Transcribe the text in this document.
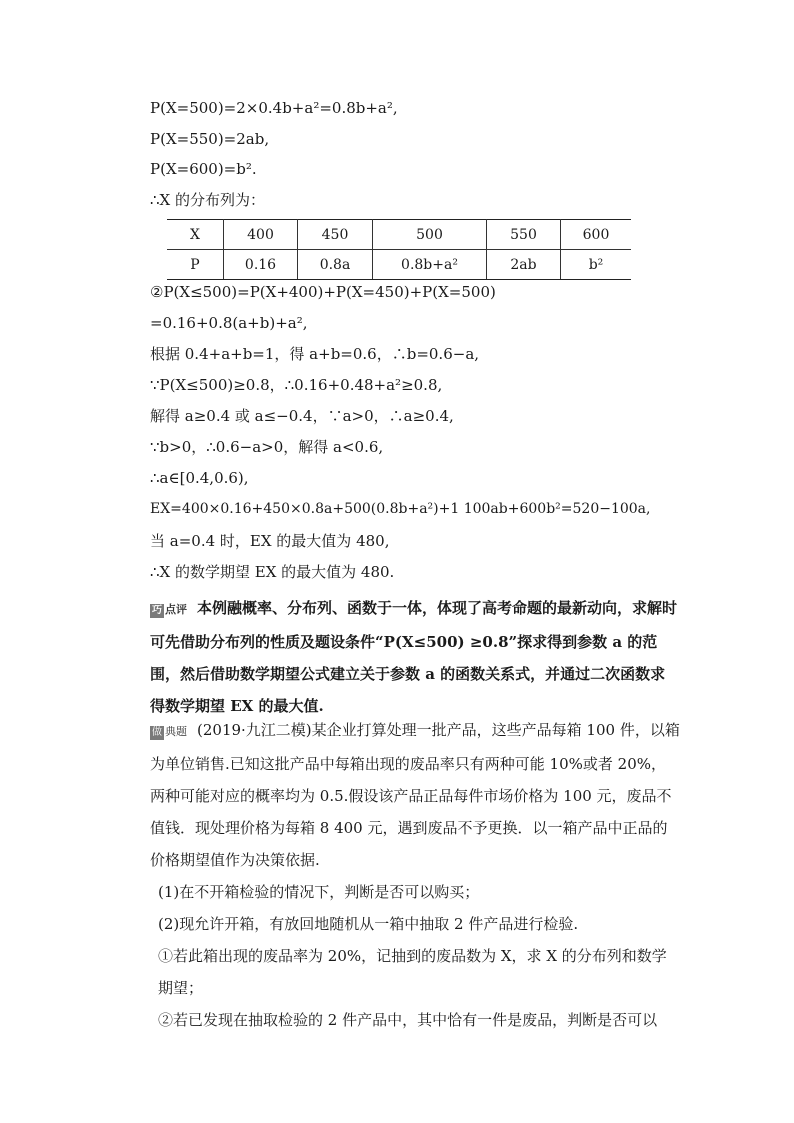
P(X=500)=2×0.4b+a²=0.8b+a²,
P(X=550)=2ab,
P(X=600)=b².
∴X 的分布列为：
X	400	450	500	550	600
P	0.16	0.8a	0.8b+a²	2ab	b²
②P(X≤500)=P(X+400)+P(X=450)+P(X=500)
=0.16+0.8(a+b)+a²,
根据 0.4+a+b=1，得 a+b=0.6，∴b=0.6−a,
∵P(X≤500)≥0.8，∴0.16+0.48+a²≥0.8,
解得 a≥0.4 或 a≤−0.4，∵a>0，∴a≥0.4,
∵b>0，∴0.6−a>0，解得 a<0.6,
∴a∈[0.4,0.6),
EX=400×0.16+450×0.8a+500(0.8b+a²)+1 100ab+600b²=520−100a,
当 a=0.4 时，EX 的最大值为 480,
∴X 的数学期望 EX 的最大值为 480.

巧 点评 本例融概率、分布列、函数于一体，体现了高考命题的最新动向，求解时可先借助分布列的性质及题设条件“P(X≤500) ≥0.8”探求得到参数 a 的范围，然后借助数学期望公式建立关于参数 a 的函数关系式，并通过二次函数求得数学期望 EX 的最大值.

做 典题 (2019·九江二模)某企业打算处理一批产品，这些产品每箱 100 件，以箱为单位销售.已知这批产品中每箱出现的废品率只有两种可能 10%或者 20%，两种可能对应的概率均为 0.5.假设该产品正品每件市场价格为 100 元，废品不值钱．现处理价格为每箱 8 400 元，遇到废品不予更换．以一箱产品中正品的价格期望值作为决策依据.

(1)在不开箱检验的情况下，判断是否可以购买；

(2)现允许开箱，有放回地随机从一箱中抽取 2 件产品进行检验.

①若此箱出现的废品率为 20%，记抽到的废品数为 X，求 X 的分布列和数学期望；

②若已发现在抽取检验的 2 件产品中，其中恰有一件是废品，判断是否可以
